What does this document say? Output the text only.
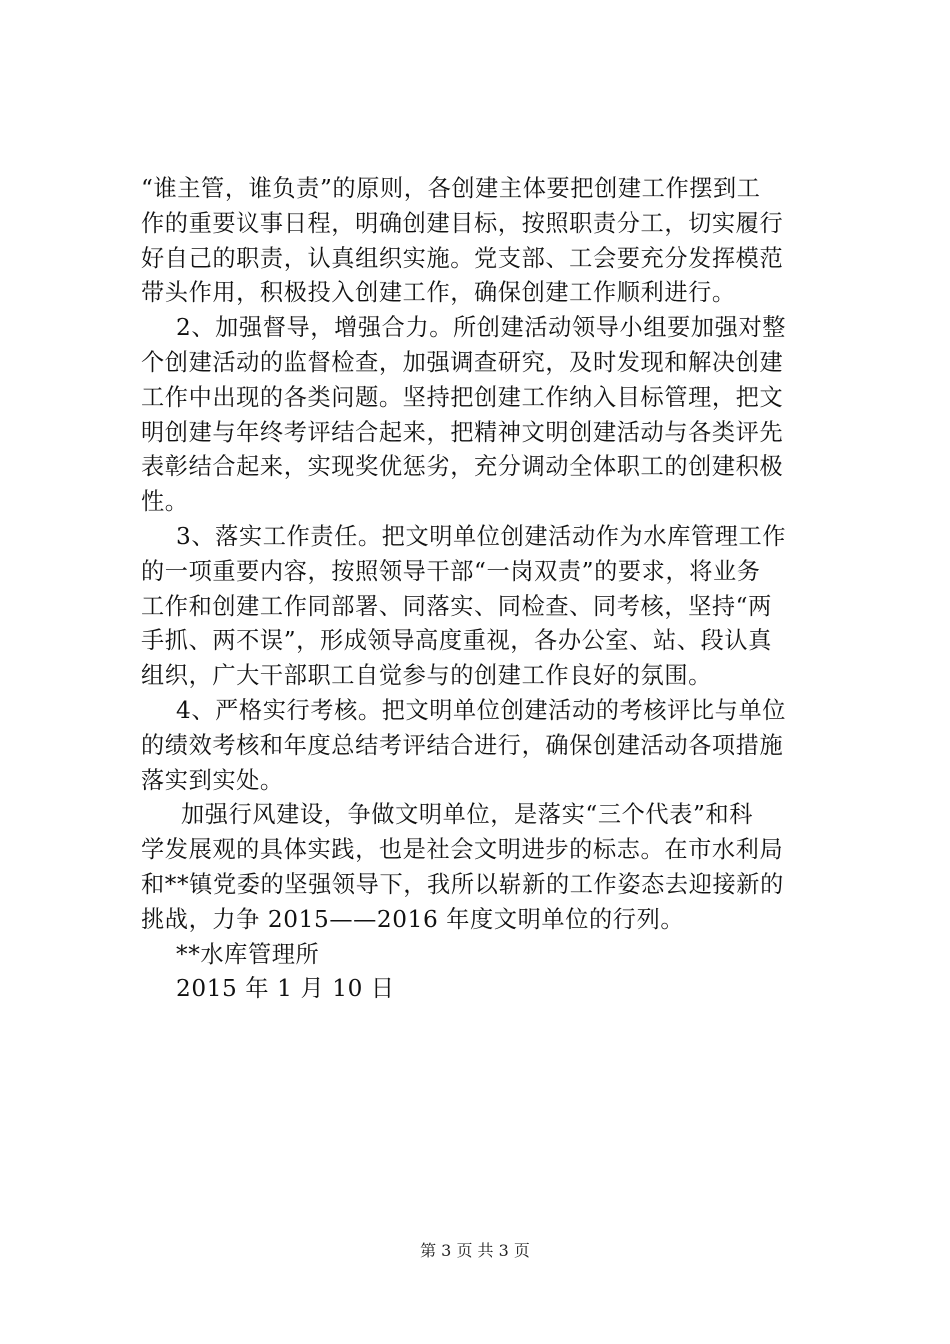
“谁主管，谁负责”的原则，各创建主体要把创建工作摆到工
作的重要议事日程，明确创建目标，按照职责分工，切实履行
好自己的职责，认真组织实施。党支部、工会要充分发挥模范
带头作用，积极投入创建工作，确保创建工作顺利进行。
2、加强督导，增强合力。所创建活动领导小组要加强对整
个创建活动的监督检查，加强调查研究，及时发现和解决创建
工作中出现的各类问题。坚持把创建工作纳入目标管理，把文
明创建与年终考评结合起来，把精神文明创建活动与各类评先
表彰结合起来，实现奖优惩劣，充分调动全体职工的创建积极
性。
3、落实工作责任。把文明单位创建活动作为水库管理工作
的一项重要内容，按照领导干部“一岗双责”的要求，将业务
工作和创建工作同部署、同落实、同检查、同考核，坚持“两
手抓、两不误”，形成领导高度重视，各办公室、站、段认真
组织，广大干部职工自觉参与的创建工作良好的氛围。
4、严格实行考核。把文明单位创建活动的考核评比与单位
的绩效考核和年度总结考评结合进行，确保创建活动各项措施
落实到实处。
加强行风建设，争做文明单位，是落实“三个代表”和科
学发展观的具体实践，也是社会文明进步的标志。在市水利局
和**镇党委的坚强领导下，我所以崭新的工作姿态去迎接新的
挑战，力争 2015——2016 年度文明单位的行列。
**水库管理所
2015 年 1 月 10 日
第 3 页 共 3 页
